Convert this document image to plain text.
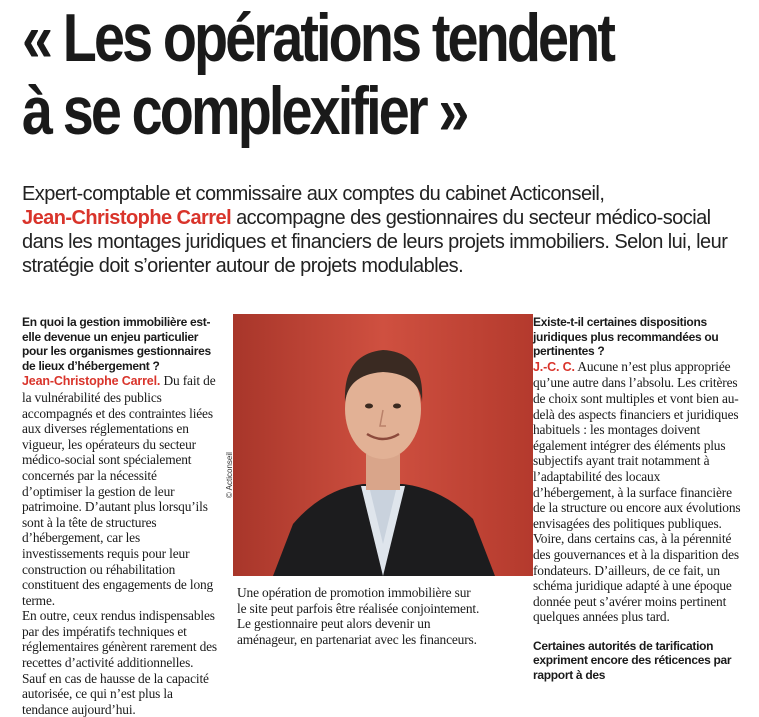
« Les opérations tendent
à se complexifier »

Expert-comptable et commissaire aux comptes du cabinet Acticonseil,
Jean-Christophe Carrel accompagne des gestionnaires du secteur médico-social dans les montages juridiques et financiers de leurs projets immobiliers. Selon lui, leur stratégie doit s’orienter autour de projets modulables.

En quoi la gestion immobilière est-elle devenue un enjeu particulier pour les organismes gestionnaires de lieux d’hébergement ?

Jean-Christophe Carrel. Du fait de la vulnérabilité des publics accompagnés et des contraintes liées aux diverses réglementations en vigueur, les opérateurs du secteur médico-social sont spécialement concernés par la nécessité d’optimiser la gestion de leur patrimoine. D’autant plus lorsqu’ils sont à la tête de structures d’hébergement, car les investissements requis pour leur construction ou réhabilitation constituent des engagements de long terme.

En outre, ceux rendus indispensables par des impératifs techniques et réglementaires génèrent rarement des recettes d’activité additionnelles. Sauf en cas de hausse de la capacité autorisée, ce qui n’est plus la tendance aujourd’hui.

© Acticonseil

Une opération de promotion immobilière sur le site peut parfois être réalisée conjointement. Le gestionnaire peut alors devenir un aménageur, en partenariat avec les financeurs.

Existe-t-il certaines dispositions juridiques plus recommandées ou pertinentes ?

J.-C. C. Aucune n’est plus appropriée qu’une autre dans l’absolu. Les critères de choix sont multiples et vont bien au-delà des aspects financiers et juridiques habituels : les montages doivent également intégrer des éléments plus subjectifs ayant trait notamment à l’adaptabilité des locaux d’hébergement, à la surface financière de la structure ou encore aux évolutions envisagées des politiques publiques. Voire, dans certains cas, à la pérennité des gouvernances et à la disparition des fondateurs. D’ailleurs, de ce fait, un schéma juridique adapté à une époque donnée peut s’avérer moins pertinent quelques années plus tard.

Certaines autorités de tarification expriment encore des réticences par rapport à des
